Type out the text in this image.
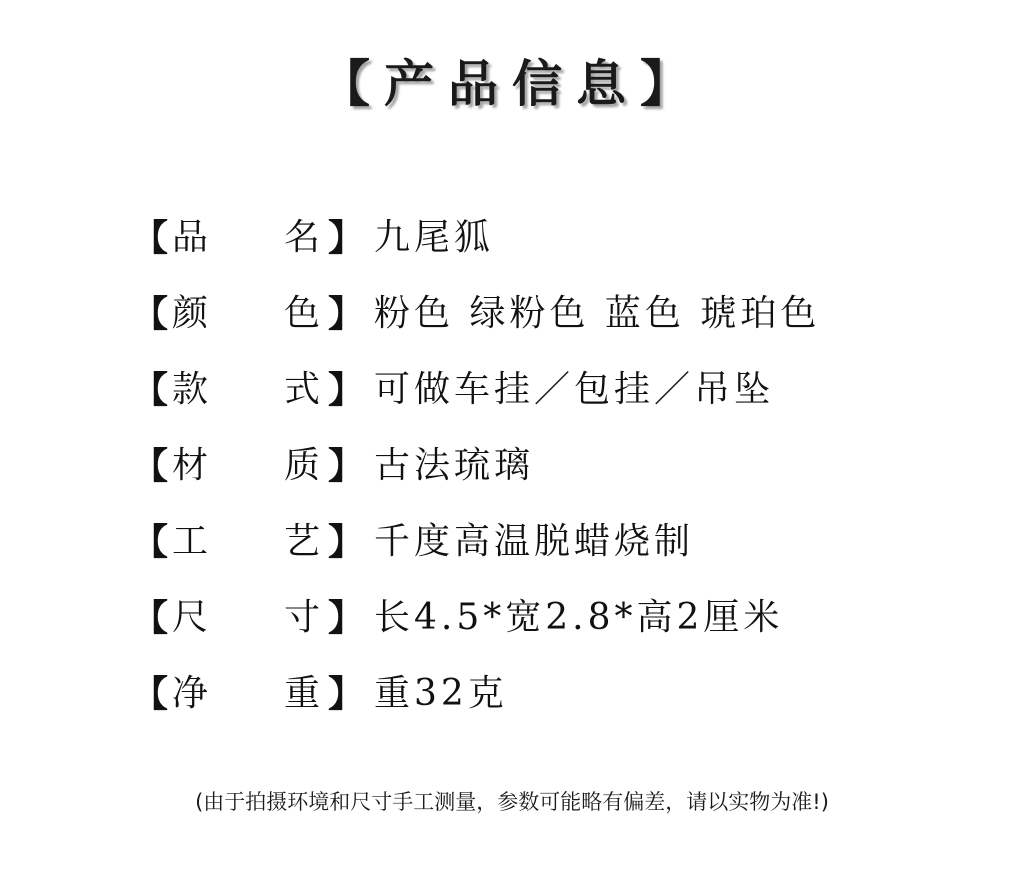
【产品信息】
【 品	名 】 九尾狐
【 颜	色 】 粉色 绿粉色 蓝色 琥珀色
【 款	式 】 可做车挂／包挂／吊坠
【 材	质 】 古法琉璃
【 工	艺 】 千度高温脱蜡烧制
【 尺	寸 】 长4.5*宽2.8*高2厘米
【 净	重 】 重32克
(由于拍摄环境和尺寸手工测量，参数可能略有偏差，请以实物为准!)
